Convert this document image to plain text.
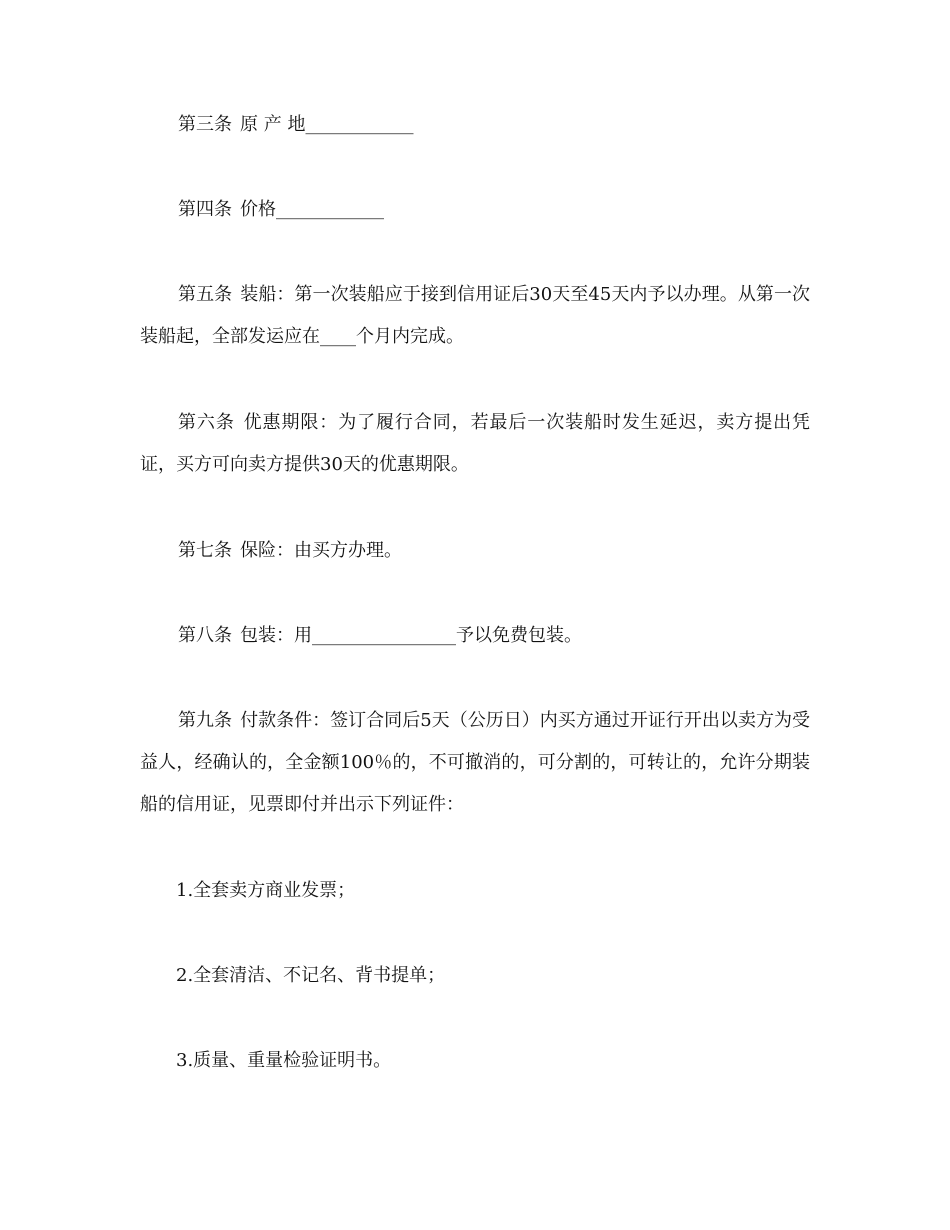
第三条 原 产 地____________

第四条 价格____________

第五条 装船：第一次装船应于接到信用证后30天至45天内予以办理。从第一次装船起，全部发运应在____个月内完成。

第六条 优惠期限：为了履行合同，若最后一次装船时发生延迟，卖方提出凭证，买方可向卖方提供30天的优惠期限。

第七条 保险：由买方办理。

第八条 包装：用________________予以免费包装。

第九条 付款条件：签订合同后5天（公历日）内买方通过开证行开出以卖方为受益人，经确认的，全金额100％的，不可撤消的，可分割的，可转让的，允许分期装船的信用证，见票即付并出示下列证件：

1.全套卖方商业发票；

2.全套清洁、不记名、背书提单；

3.质量、重量检验证明书。
